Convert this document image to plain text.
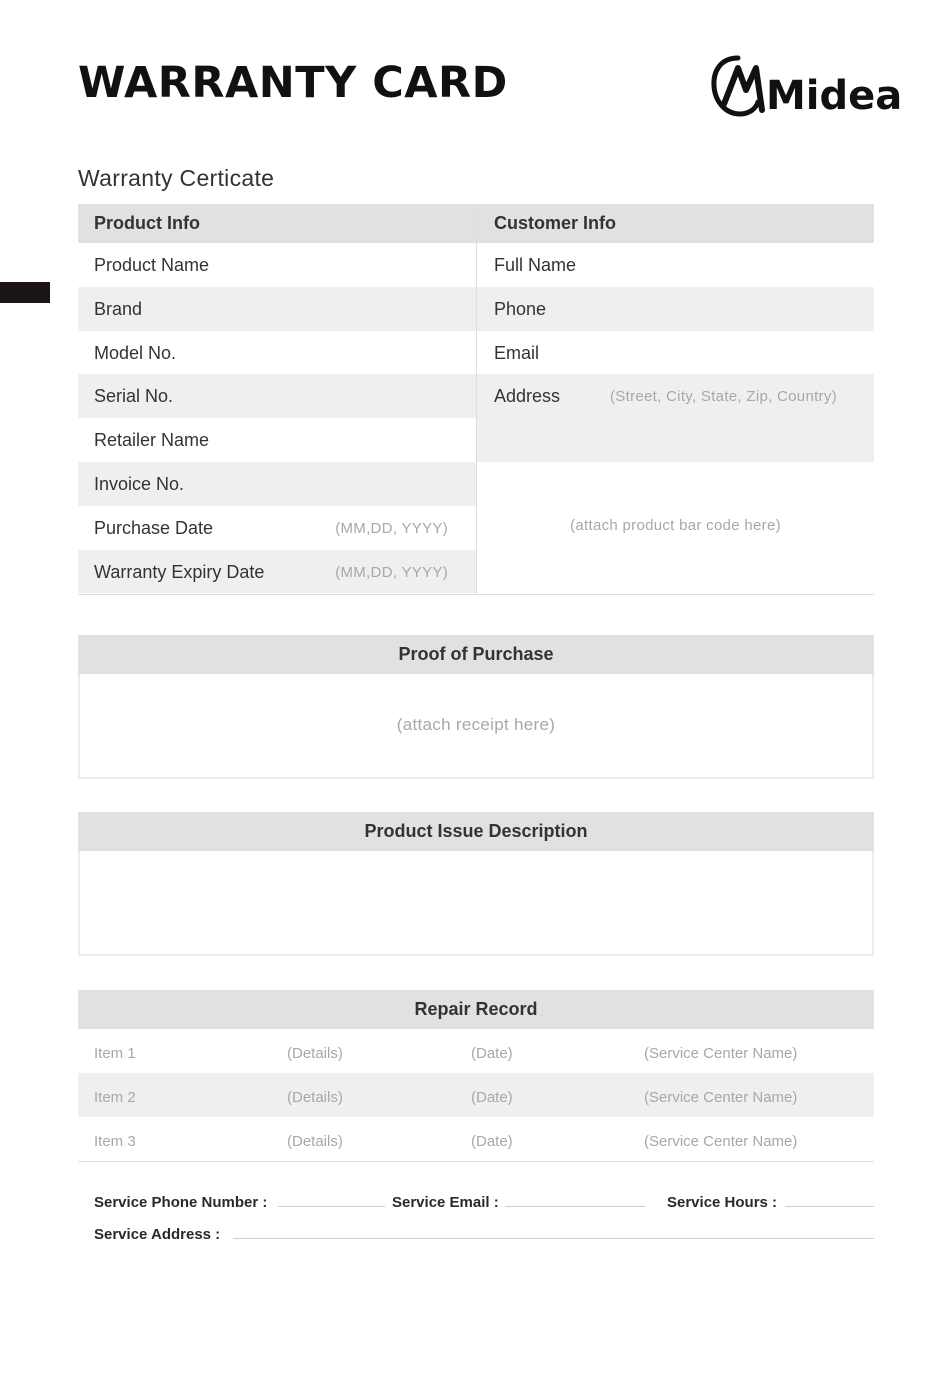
WARRANTY CARD	Midea
Warranty Certicate
Product Info
Product Name
Brand
Model No.
Serial No.
Retailer Name
Invoice No.
Purchase Date	(MM,DD, YYYY)
Warranty Expiry Date	(MM,DD, YYYY)
Customer Info
Full Name
Phone
Email
Address	(Street, City, State, Zip, Country)
(attach product bar code here)
Proof of Purchase
(attach receipt here)
Product Issue Description
Repair Record
Item 1	(Details)	(Date)	(Service Center Name)
Item 2	(Details)	(Date)	(Service Center Name)
Item 3	(Details)	(Date)	(Service Center Name)
Service Phone Number :	Service Email :	Service Hours :
Service Address :
